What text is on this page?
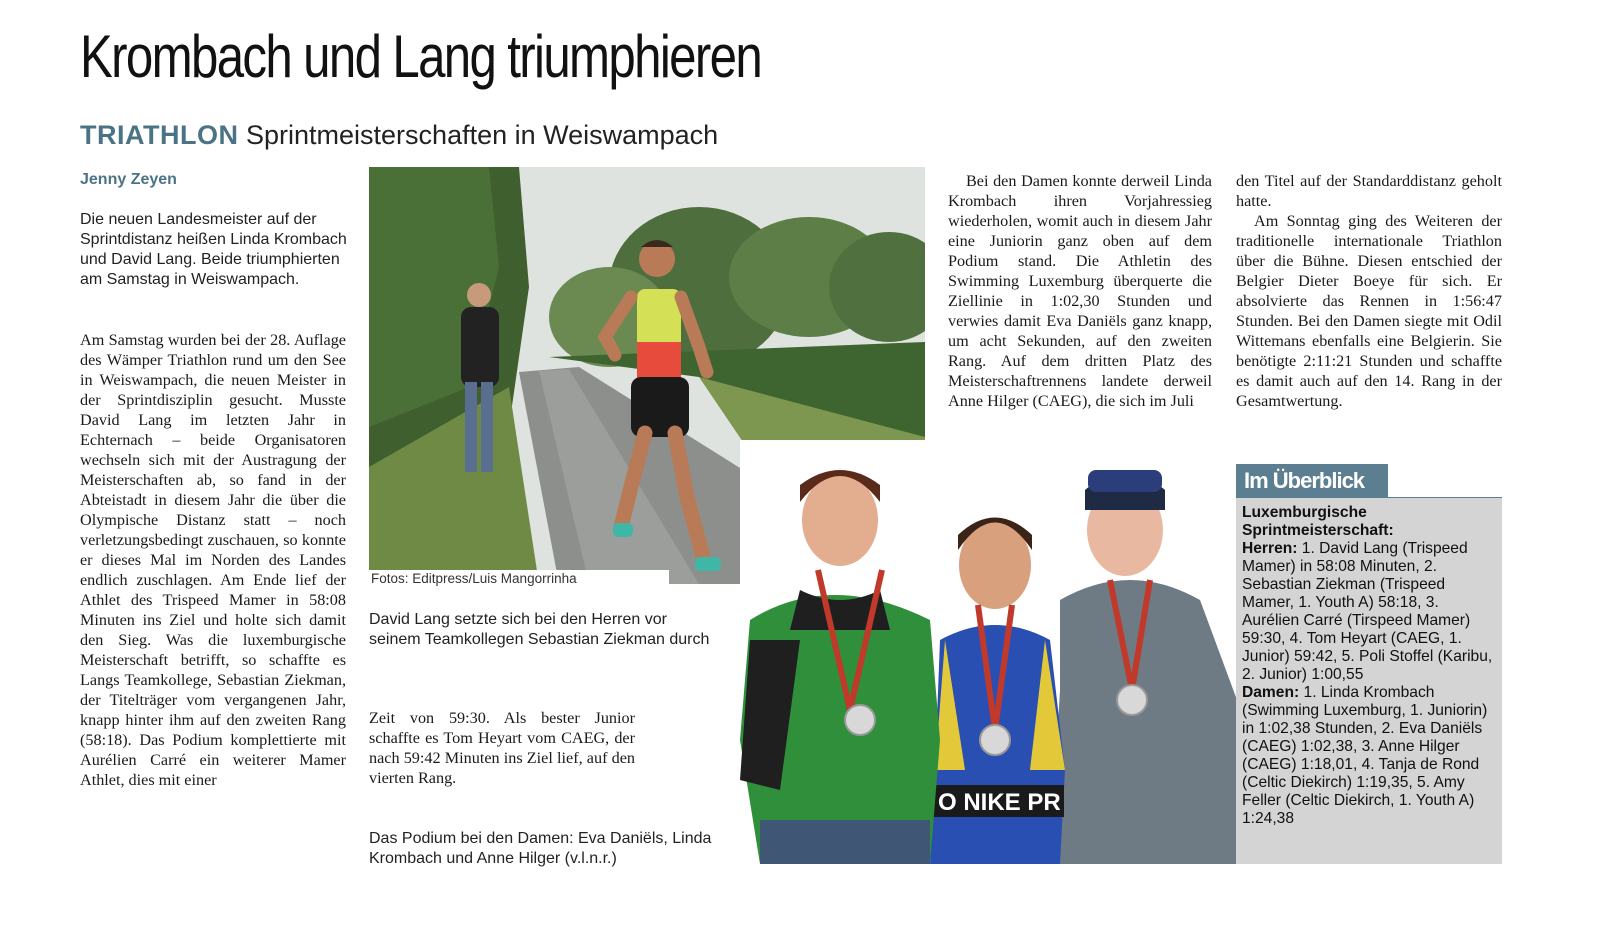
Krombach und Lang triumphieren
TRIATHLON Sprintmeisterschaften in Weiswampach
Jenny Zeyen

Die neuen Landesmeister auf der Sprintdistanz heißen Linda Krombach und David Lang. Beide triumphierten am Samstag in Weiswampach.

Am Samstag wurden bei der 28. Auflage des Wämper Triathlon rund um den See in Weiswampach, die neuen Meister in der Sprintdisziplin gesucht. Musste David Lang im letzten Jahr in Echternach – beide Organisatoren wechseln sich mit der Austragung der Meisterschaften ab, so fand in der Abteistadt in diesem Jahr die über die Olympische Distanz statt – noch verletzungsbedingt zuschauen, so konnte er dieses Mal im Norden des Landes endlich zuschlagen. Am Ende lief der Athlet des Trispeed Mamer in 58:08 Minuten ins Ziel und holte sich damit den Sieg. Was die luxemburgische Meisterschaft betrifft, so schaffte es Langs Teamkollege, Sebastian Ziekman, der Titelträger vom vergangenen Jahr, knapp hinter ihm auf den zweiten Rang (58:18). Das Podium komplettierte mit Aurélien Carré ein weiterer Mamer Athlet, dies mit einer

Fotos: Editpress/Luis Mangorrinha

David Lang setzte sich bei den Herren vor seinem Teamkollegen Sebastian Ziekman durch

Zeit von 59:30. Als bester Junior schaffte es Tom Heyart vom CAEG, der nach 59:42 Minuten ins Ziel lief, auf den vierten Rang.

Das Podium bei den Damen: Eva Daniëls, Linda Krombach und Anne Hilger (v.l.n.r.)

Bei den Damen konnte derweil Linda Krombach ihren Vorjahressieg wiederholen, womit auch in diesem Jahr eine Juniorin ganz oben auf dem Podium stand. Die Athletin des Swimming Luxemburg überquerte die Ziellinie in 1:02,30 Stunden und verwies damit Eva Daniëls ganz knapp, um acht Sekunden, auf den zweiten Rang. Auf dem dritten Platz des Meisterschaftrennens landete derweil Anne Hilger (CAEG), die sich im Juli

den Titel auf der Standarddistanz geholt hatte.

Am Sonntag ging des Weiteren der traditionelle internationale Triathlon über die Bühne. Diesen entschied der Belgier Dieter Boeye für sich. Er absolvierte das Rennen in 1:56:47 Stunden. Bei den Damen siegte mit Odil Wittemans ebenfalls eine Belgierin. Sie benötigte 2:11:21 Stunden und schaffte es damit auch auf den 14. Rang in der Gesamtwertung.

O NIKE PR
Im Überblick
Luxemburgische Sprintmeisterschaft:
Herren: 1. David Lang (Trispeed Mamer) in 58:08 Minuten, 2. Sebastian Ziekman (Trispeed Mamer, 1. Youth A) 58:18, 3. Aurélien Carré (Tirspeed Mamer) 59:30, 4. Tom Heyart (CAEG, 1. Junior) 59:42, 5. Poli Stoffel (Karibu, 2. Junior) 1:00,55
Damen: 1. Linda Krombach (Swimming Luxemburg, 1. Juniorin) in 1:02,38 Stunden, 2. Eva Daniëls (CAEG) 1:02,38, 3. Anne Hilger (CAEG) 1:18,01, 4. Tanja de Rond (Celtic Diekirch) 1:19,35, 5. Amy Feller (Celtic Diekirch, 1. Youth A) 1:24,38
